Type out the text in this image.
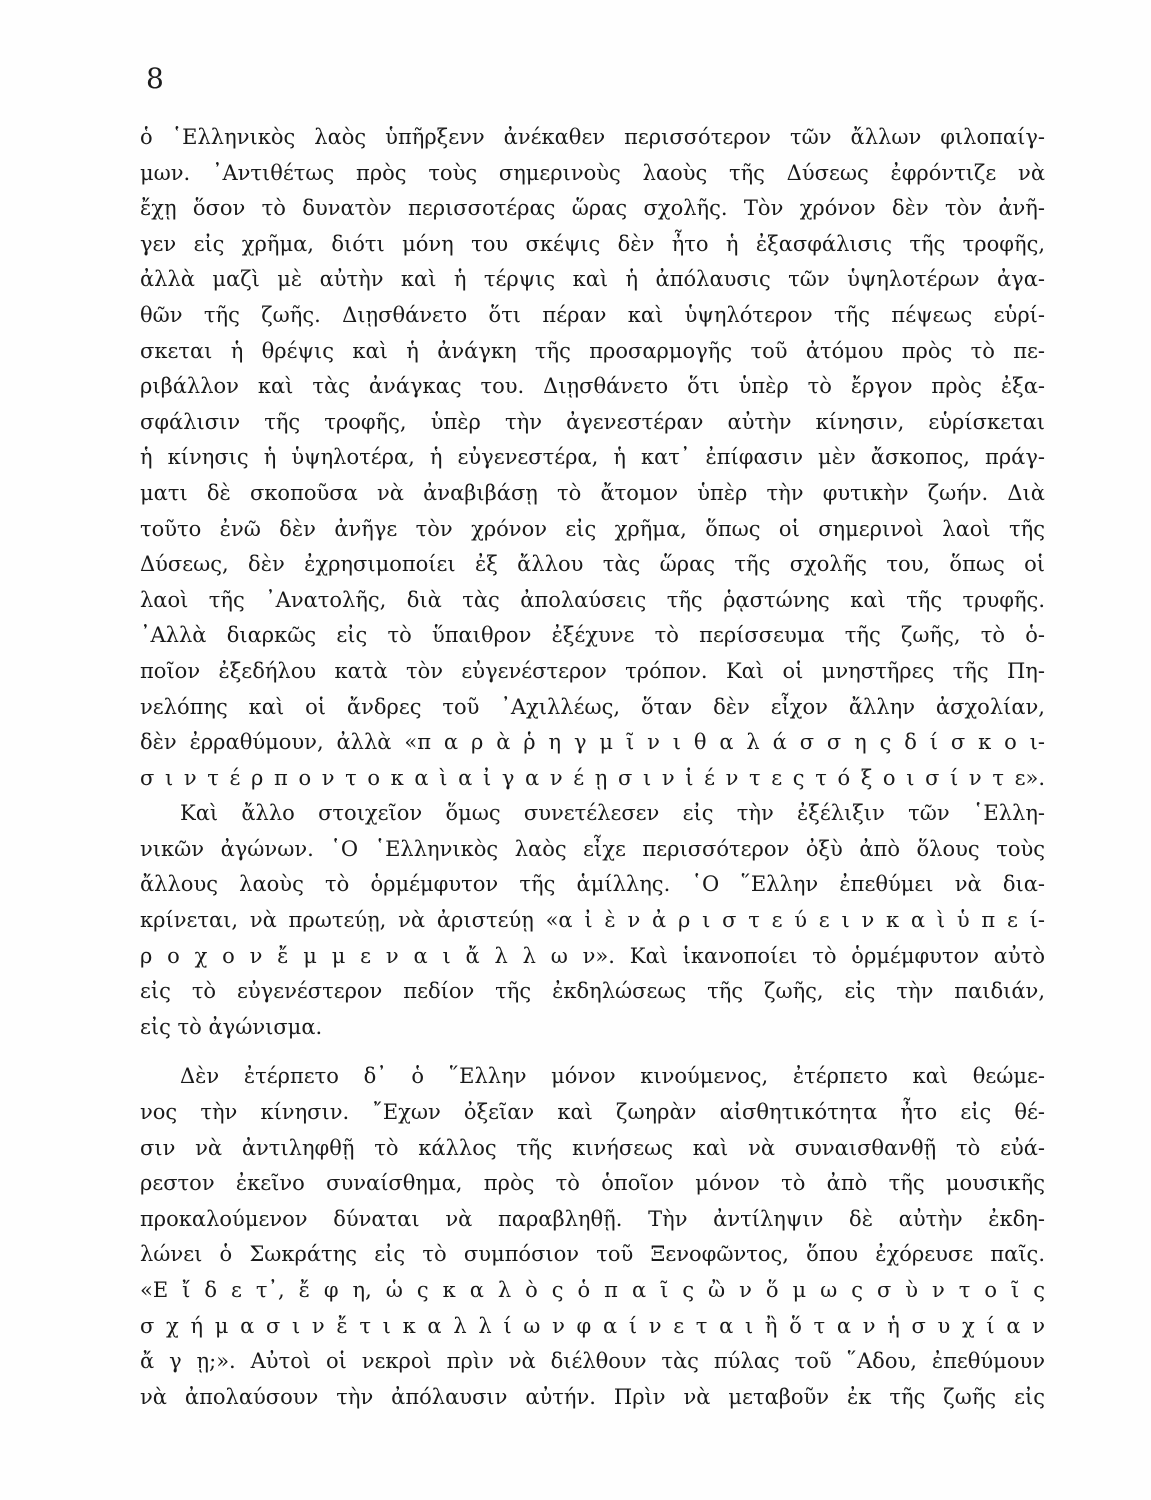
8
ὁ ῾Ελληνικὸς λαὸς ὑπῆρξενν ἀνέκαθεν περισσότερον τῶν ἄλλων φιλοπαίγ-
μων. ᾿Αντιθέτως πρὸς τοὺς σημερινοὺς λαοὺς τῆς Δύσεως ἐφρόντιζε νὰ
ἔχῃ ὅσον τὸ δυνατὸν περισσοτέρας ὥρας σχολῆς. Τὸν χρόνον δὲν τὸν ἀνῆ-
γεν εἰς χρῆμα, διότι μόνη του σκέψις δὲν ἦτο ἡ ἐξασφάλισις τῆς τροφῆς,
ἀλλὰ μαζὶ μὲ αὐτὴν καὶ ἡ τέρψις καὶ ἡ ἀπόλαυσις τῶν ὑψηλοτέρων ἀγα-
θῶν τῆς ζωῆς. Διῃσθάνετο ὅτι πέραν καὶ ὑψηλότερον τῆς πέψεως εὑρί-
σκεται ἡ θρέψις καὶ ἡ ἀνάγκη τῆς προσαρμογῆς τοῦ ἀτόμου πρὸς τὸ πε-
ριβάλλον καὶ τὰς ἀνάγκας του. Διῃσθάνετο ὅτι ὑπὲρ τὸ ἔργον πρὸς ἐξα-
σφάλισιν τῆς τροφῆς, ὑπὲρ τὴν ἀγενεστέραν αὐτὴν κίνησιν, εὑρίσκεται
ἡ κίνησις ἡ ὑψηλοτέρα, ἡ εὐγενεστέρα, ἡ κατ᾿ ἐπίφασιν μὲν ἄσκοπος, πράγ-
ματι δὲ σκοποῦσα νὰ ἀναβιβάσῃ τὸ ἄτομον ὑπὲρ τὴν φυτικὴν ζωήν. Διὰ
τοῦτο ἐνῶ δὲν ἀνῆγε τὸν χρόνον εἰς χρῆμα, ὅπως οἱ σημερινοὶ λαοὶ τῆς
Δύσεως, δὲν ἐχρησιμοποίει ἐξ ἄλλου τὰς ὥρας τῆς σχολῆς του, ὅπως οἱ
λαοὶ τῆς ᾿Ανατολῆς, διὰ τὰς ἀπολαύσεις τῆς ῥᾳστώνης καὶ τῆς τρυφῆς.
᾿Αλλὰ διαρκῶς εἰς τὸ ὕπαιθρον ἐξέχυνε τὸ περίσσευμα τῆς ζωῆς, τὸ ὁ-
ποῖον ἐξεδήλου κατὰ τὸν εὐγενέστερον τρόπον. Καὶ οἱ μνηστῆρες τῆς Πη-
νελόπης καὶ οἱ ἄνδρες τοῦ ᾿Αχιλλέως, ὅταν δὲν εἶχον ἄλλην ἀσχολίαν,
δὲν ἐρραθύμουν, ἀλλὰ «π α ρ ὰ ῥ η γ μ ῖ ν ι θ α λ ά σ σ η ς δ ί σ κ ο ι-
σ ι ν τ έ ρ π ο ν τ ο κ α ὶ α ἰ γ α ν έ ῃ σ ι ν ἱ έ ν τ ε ς τ ό ξ ο ι σ ί ν τ ε».
Καὶ ἄλλο στοιχεῖον ὅμως συνετέλεσεν εἰς τὴν ἐξέλιξιν τῶν ῾Ελλη-
νικῶν ἀγώνων. ῾Ο ῾Ελληνικὸς λαὸς εἶχε περισσότερον ὀξὺ ἀπὸ ὅλους τοὺς
ἄλλους λαοὺς τὸ ὁρμέμφυτον τῆς ἁμίλλης. ῾Ο ῞Ελλην ἐπεθύμει νὰ δια-
κρίνεται, νὰ πρωτεύῃ, νὰ ἀριστεύῃ «α ἰ ὲ ν ἀ ρ ι σ τ ε ύ ε ι ν κ α ὶ ὑ π ε ί-
ρ ο χ ο ν ἔ μ μ ε ν α ι ἄ λ λ ω ν». Καὶ ἱκανοποίει τὸ ὁρμέμφυτον αὐτὸ
εἰς τὸ εὐγενέστερον πεδίον τῆς ἐκδηλώσεως τῆς ζωῆς, εἰς τὴν παιδιάν,
εἰς τὸ ἀγώνισμα.
Δὲν ἐτέρπετο δ᾿ ὁ ῞Ελλην μόνον κινούμενος, ἐτέρπετο καὶ θεώμε-
νος τὴν κίνησιν. ῎Εχων ὀξεῖαν καὶ ζωηρὰν αἰσθητικότητα ἦτο εἰς θέ-
σιν νὰ ἀντιληφθῇ τὸ κάλλος τῆς κινήσεως καὶ νὰ συναισθανθῇ τὸ εὐά-
ρεστον ἐκεῖνο συναίσθημα, πρὸς τὸ ὁποῖον μόνον τὸ ἀπὸ τῆς μουσικῆς
προκαλούμενον δύναται νὰ παραβληθῇ. Τὴν ἀντίληψιν δὲ αὐτὴν ἐκδη-
λώνει ὁ Σωκράτης εἰς τὸ συμπόσιον τοῦ Ξενοφῶντος, ὅπου ἐχόρευσε παῖς.
«Ε ἴ δ ε τ᾿, ἔ φ η, ὡ ς κ α λ ὸ ς ὁ π α ῖ ς ὢ ν ὅ μ ω ς σ ὺ ν τ ο ῖ ς
σ χ ή μ α σ ι ν ἔ τ ι κ α λ λ ί ω ν φ α ί ν ε τ α ι ἢ ὅ τ α ν ἡ σ υ χ ί α ν
ἄ γ ῃ;». Αὐτοὶ οἱ νεκροὶ πρὶν νὰ διέλθουν τὰς πύλας τοῦ ῞Αδου, ἐπεθύμουν
νὰ ἀπολαύσουν τὴν ἀπόλαυσιν αὐτήν. Πρὶν νὰ μεταβοῦν ἐκ τῆς ζωῆς εἰς
